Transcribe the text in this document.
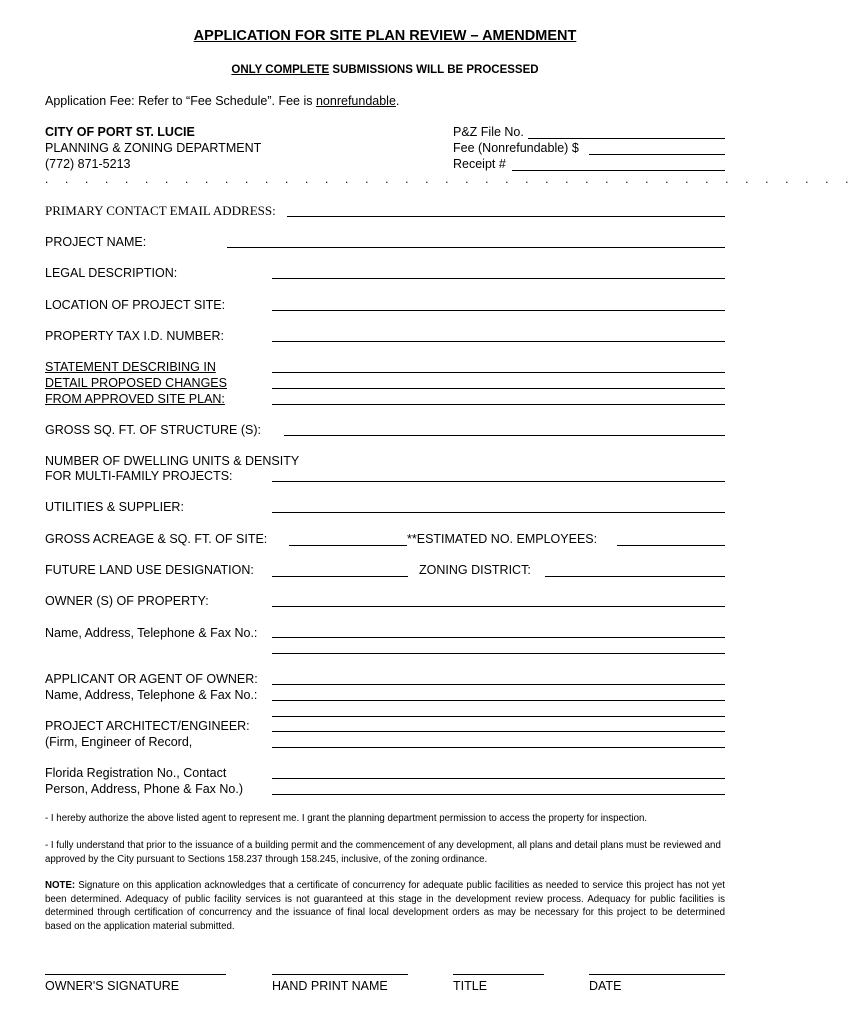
APPLICATION FOR SITE PLAN REVIEW – AMENDMENT
ONLY COMPLETE SUBMISSIONS WILL BE PROCESSED
Application Fee: Refer to “Fee Schedule”. Fee is nonrefundable.
CITY OF PORT ST. LUCIE
PLANNING & ZONING DEPARTMENT
(772) 871-5213
P&Z File No.
Fee (Nonrefundable) $
Receipt #
.     .     .     .     .     .     .     .     .     .     .     .     .     .     .     .     .     .     .     .     .     .     .     .     .     .     .     .     .     .     .     .     .     .     .     .     .     .     .     .     .
PRIMARY CONTACT EMAIL ADDRESS:
PROJECT NAME:
LEGAL DESCRIPTION:
LOCATION OF PROJECT SITE:
PROPERTY TAX I.D. NUMBER:
STATEMENT DESCRIBING IN
DETAIL PROPOSED CHANGES
FROM APPROVED SITE PLAN:
GROSS SQ. FT. OF STRUCTURE (S):
NUMBER OF DWELLING UNITS & DENSITY
FOR MULTI-FAMILY PROJECTS:
UTILITIES & SUPPLIER:
GROSS ACREAGE & SQ. FT. OF SITE:	**ESTIMATED NO. EMPLOYEES:
FUTURE LAND USE DESIGNATION:	ZONING DISTRICT:
OWNER (S) OF PROPERTY:
Name, Address, Telephone & Fax No.:
APPLICANT OR AGENT OF OWNER:
Name, Address, Telephone & Fax No.:
PROJECT ARCHITECT/ENGINEER:
(Firm, Engineer of Record,
Florida Registration No., Contact
Person, Address, Phone & Fax No.)
- I hereby authorize the above listed agent to represent me. I grant the planning department permission to access the property for inspection.
- I fully understand that prior to the issuance of a building permit and the commencement of any development, all plans and detail plans must be reviewed and approved by the City pursuant to Sections 158.237 through 158.245, inclusive, of the zoning ordinance.
NOTE: Signature on this application acknowledges that a certificate of concurrency for adequate public facilities as needed to service this project has not yet been determined. Adequacy of public facility services is not guaranteed at this stage in the development review process. Adequacy for public facilities is determined through certification of concurrency and the issuance of final local development orders as may be necessary for this project to be determined based on the application material submitted.
OWNER'S SIGNATURE	HAND PRINT NAME	TITLE	DATE
